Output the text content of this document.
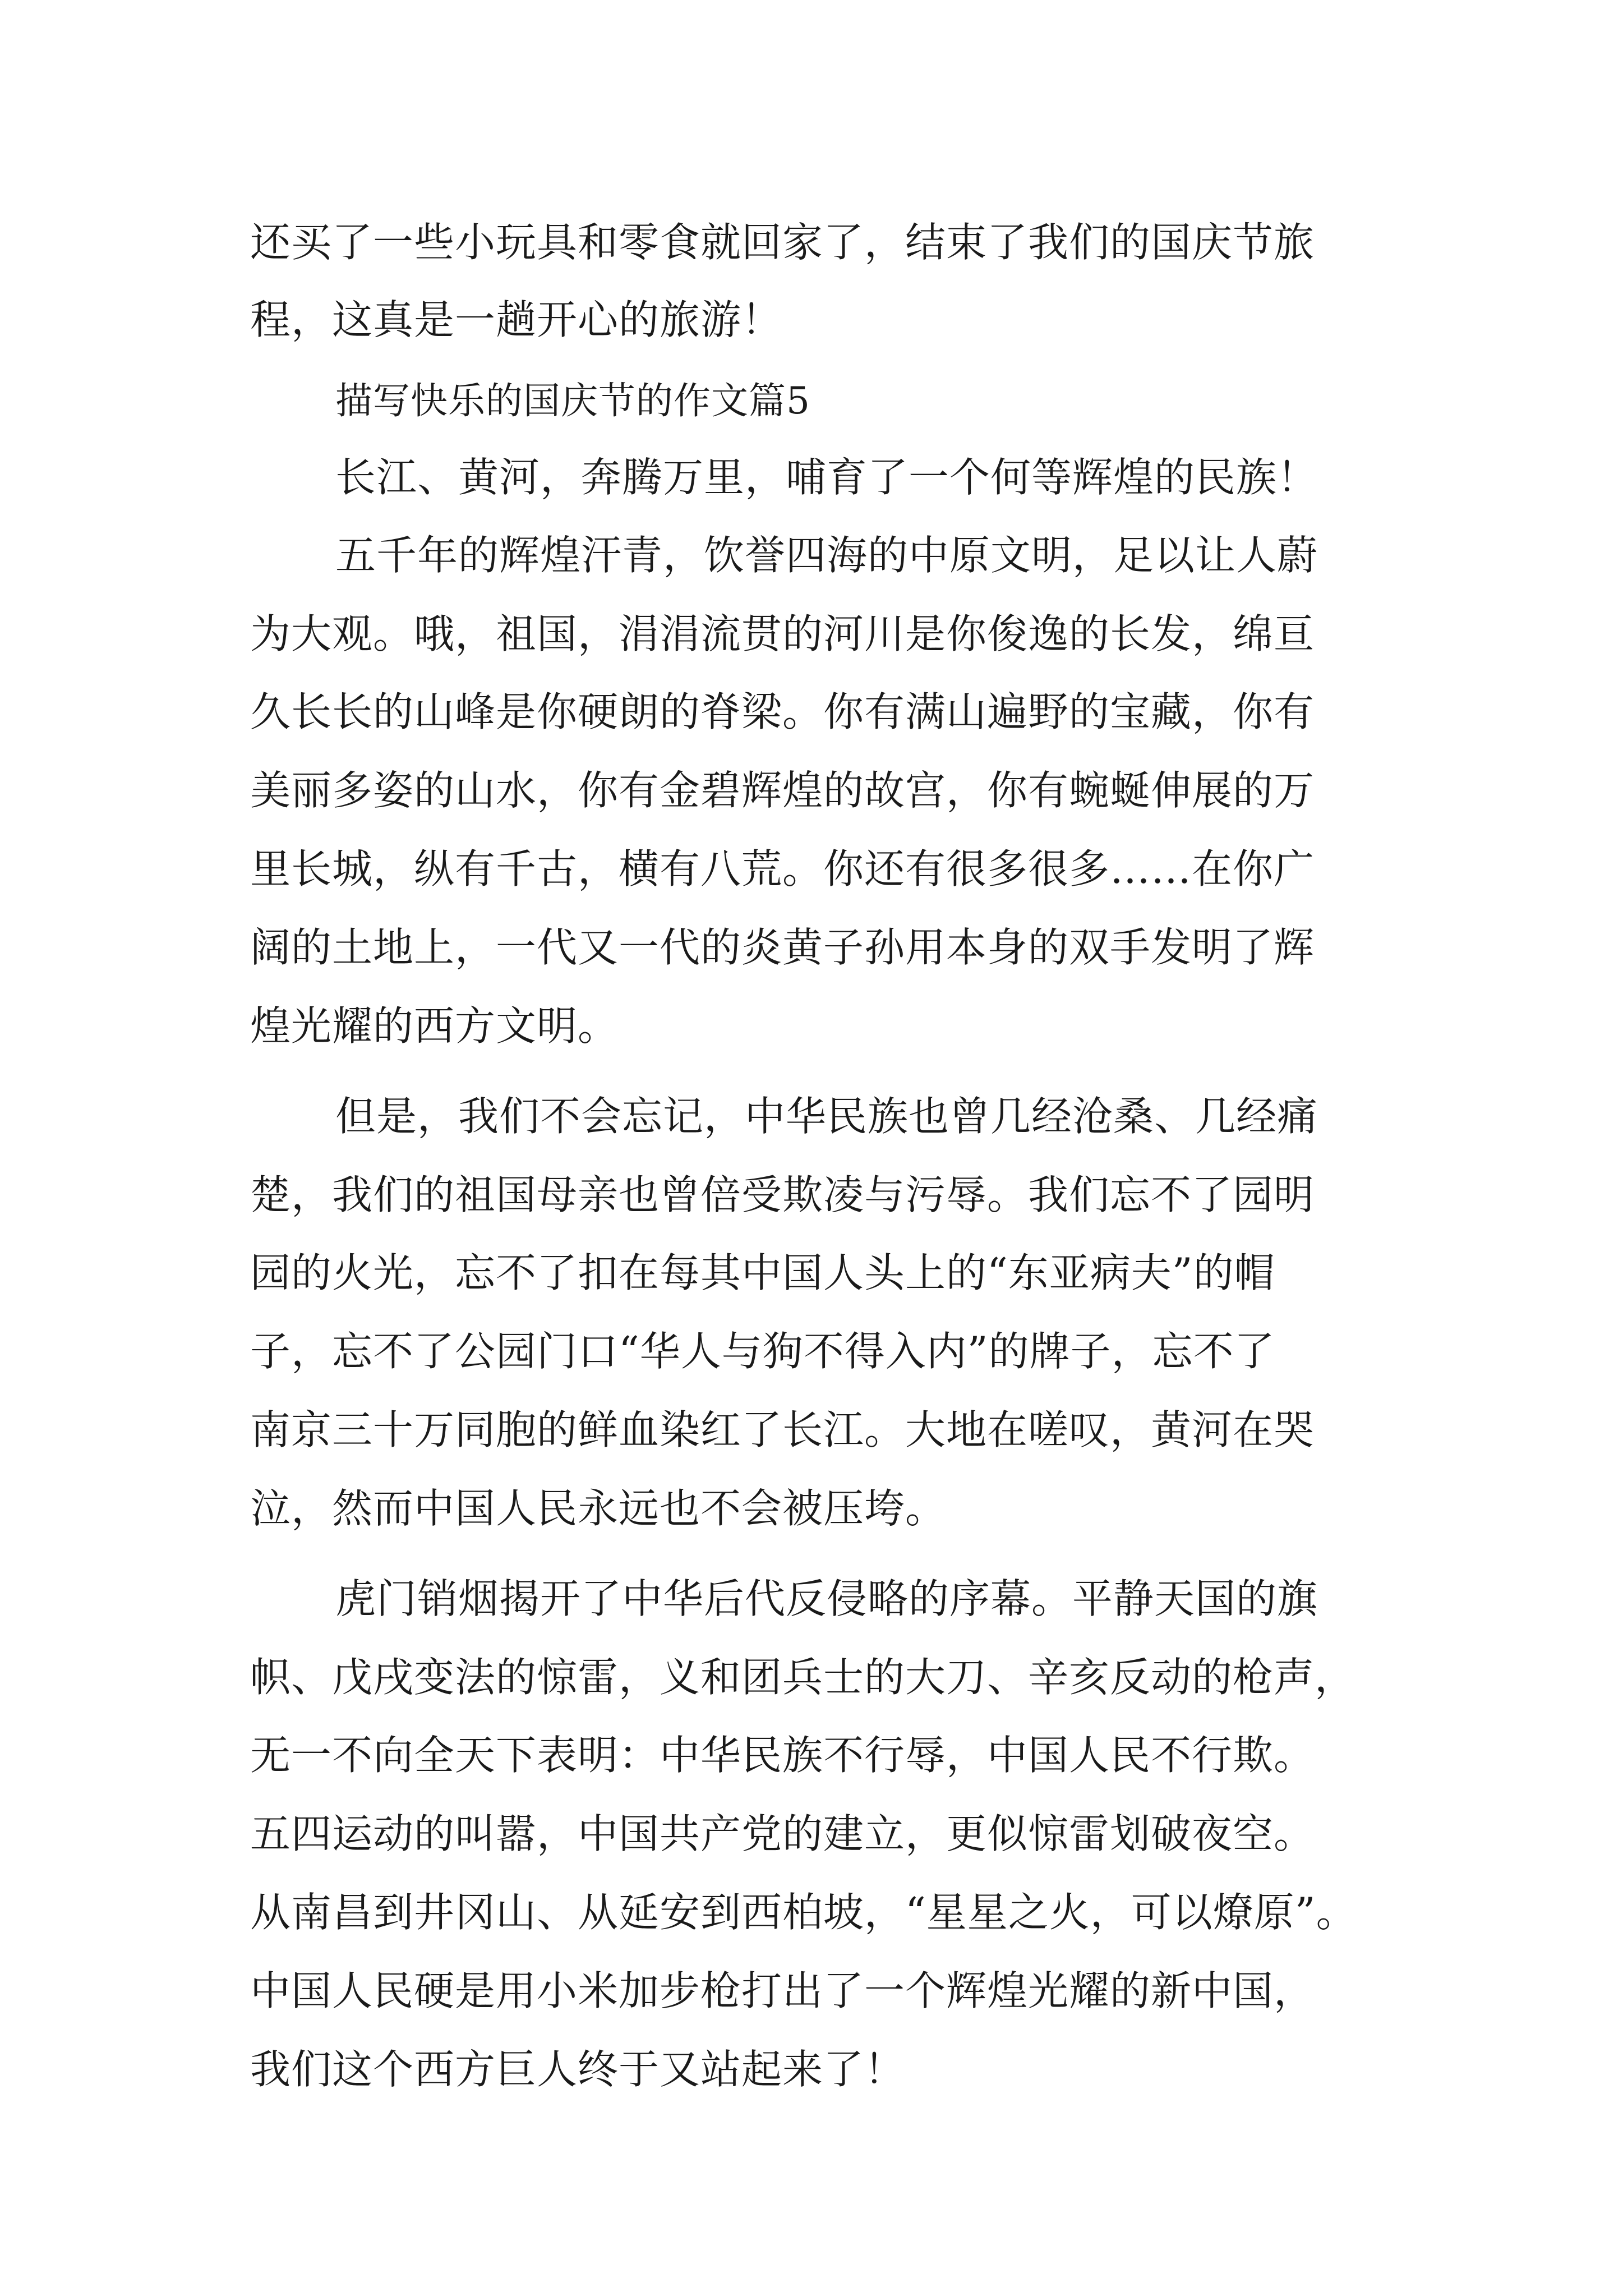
还买了一些小玩具和零食就回家了，结束了我们的国庆节旅
程，这真是一趟开心的旅游！
描写快乐的国庆节的作文篇5
长江、黄河，奔腾万里，哺育了一个何等辉煌的民族！
五千年的辉煌汗青，饮誉四海的中原文明，足以让人蔚
为大观。哦，祖国，涓涓流贯的河川是你俊逸的长发，绵亘
久长长的山峰是你硬朗的脊梁。你有满山遍野的宝藏，你有
美丽多姿的山水，你有金碧辉煌的故宫，你有蜿蜒伸展的万
里长城，纵有千古，横有八荒。你还有很多很多……在你广
阔的土地上，一代又一代的炎黄子孙用本身的双手发明了辉
煌光耀的西方文明。
但是，我们不会忘记，中华民族也曾几经沧桑、几经痛
楚，我们的祖国母亲也曾倍受欺凌与污辱。我们忘不了园明
园的火光，忘不了扣在每其中国人头上的“东亚病夫”的帽
子，忘不了公园门口“华人与狗不得入内”的牌子，忘不了
南京三十万同胞的鲜血染红了长江。大地在嗟叹，黄河在哭
泣，然而中国人民永远也不会被压垮。
虎门销烟揭开了中华后代反侵略的序幕。平静天国的旗
帜、戊戌变法的惊雷，义和团兵士的大刀、辛亥反动的枪声，
无一不向全天下表明：中华民族不行辱，中国人民不行欺。
五四运动的叫嚣，中国共产党的建立，更似惊雷划破夜空。
从南昌到井冈山、从延安到西柏坡，“星星之火，可以燎原”。
中国人民硬是用小米加步枪打出了一个辉煌光耀的新中国，
我们这个西方巨人终于又站起来了！
